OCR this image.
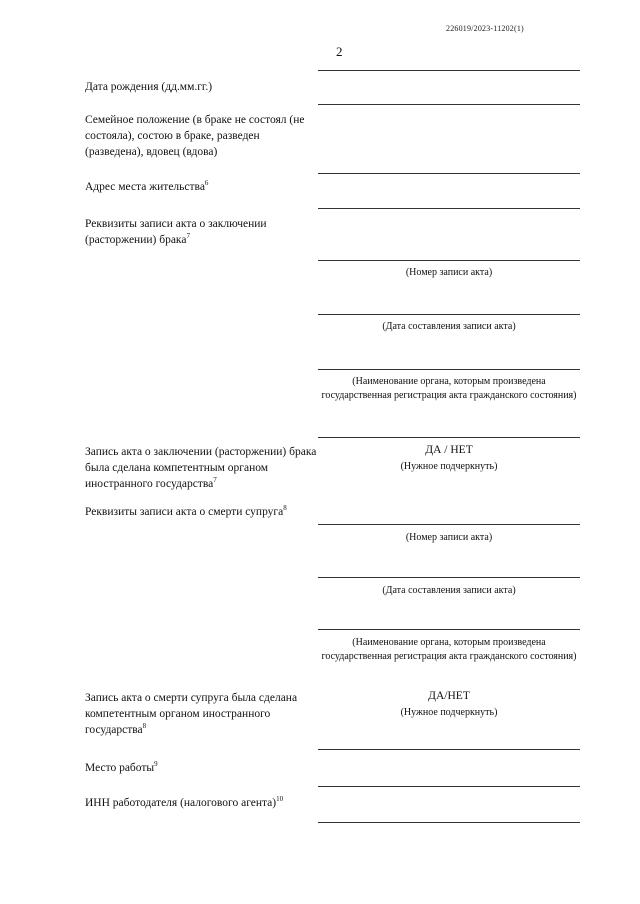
226019/2023-11202(1)
2
Дата рождения (дд.мм.гг.)
Семейное положение (в браке не состоял (не состояла), состою в браке, разведен (разведена), вдовец (вдова)
Адрес места жительства$^6$
Реквизиты записи акта о заключении (расторжении) брака$^7$
(Номер записи акта)
(Дата составления записи акта)
(Наименование органа, которым произведена государственная регистрация акта гражданского состояния)
Запись акта о заключении (расторжении) брака была сделана компетентным органом иностранного государства$^7$
ДА / НЕТ
(Нужное подчеркнуть)
Реквизиты записи акта о смерти супруга$^8$
(Номер записи акта)
(Дата составления записи акта)
(Наименование органа, которым произведена государственная регистрация акта гражданского состояния)
Запись акта о смерти супруга была сделана компетентным органом иностранного государства$^8$
ДА/НЕТ
(Нужное подчеркнуть)
Место работы$^9$
ИНН работодателя (налогового агента)$^{10}$
